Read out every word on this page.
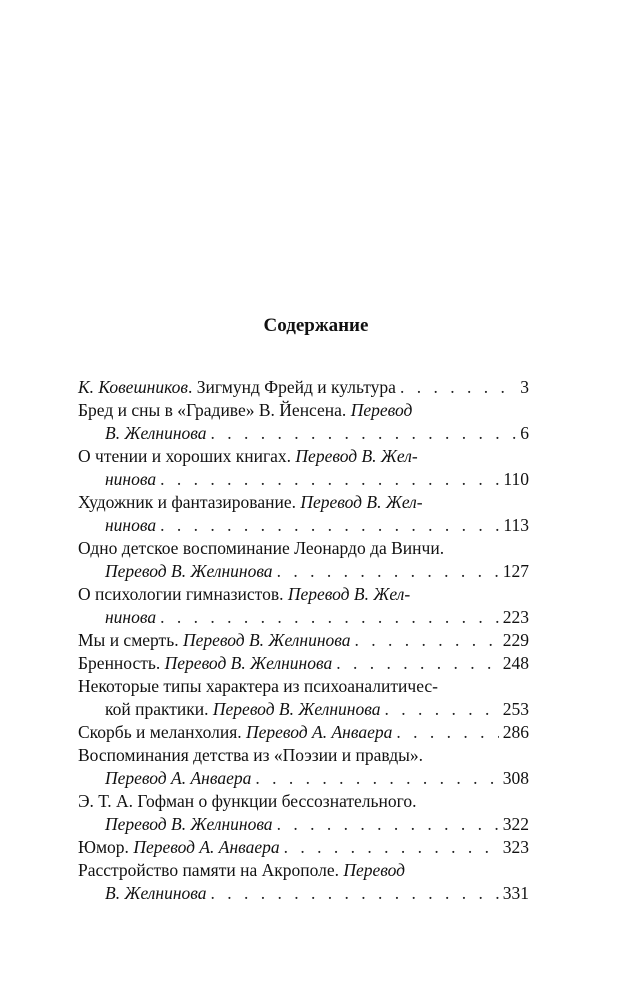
Содержание
К. Ковешников. Зигмунд Фрейд и культура . . .	3
Бред и сны в «Градиве» В. Йенсена. Перевод
В. Желнинова . . .	6
О чтении и хороших книгах. Перевод В. Жел-
нинова . . .	110
Художник и фантазирование. Перевод В. Жел-
нинова . . .	113
Одно детское воспоминание Леонардо да Винчи.
Перевод В. Желнинова . . .	127
О психологии гимназистов. Перевод В. Жел-
нинова . . .	223
Мы и смерть. Перевод В. Желнинова . . .	229
Бренность. Перевод В. Желнинова . . .	248
Некоторые типы характера из психоаналитичес-
кой практики. Перевод В. Желнинова . . .	253
Скорбь и меланхолия. Перевод А. Анваера . . .	286
Воспоминания детства из «Поэзии и правды».
Перевод А. Анваера . . .	308
Э. Т. А. Гофман о функции бессознательного.
Перевод В. Желнинова . . .	322
Юмор. Перевод А. Анваера . . .	323
Расстройство памяти на Акрополе. Перевод
В. Желнинова . . .	331
